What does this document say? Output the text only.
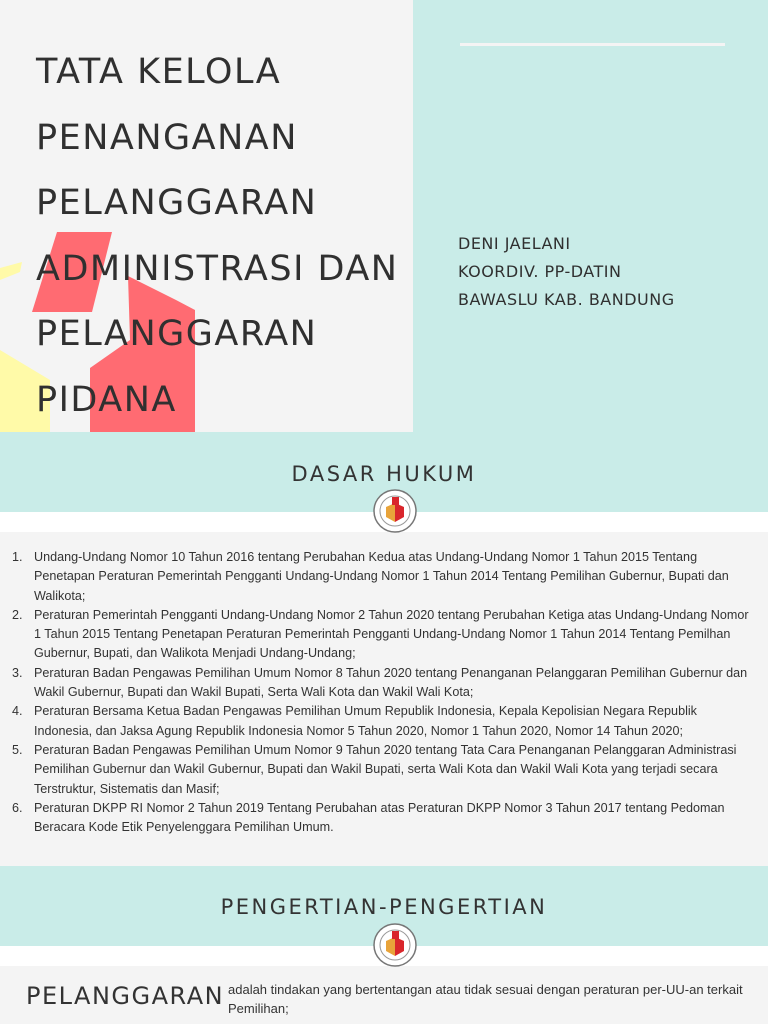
TATA KELOLA
PENANGANAN
PELANGGARAN
ADMINISTRASI DAN
PELANGGARAN
PIDANA
DENI JAELANI
KOORDIV. PP-DATIN
BAWASLU KAB. BANDUNG
DASAR HUKUM
1. Undang-Undang Nomor 10 Tahun 2016 tentang Perubahan Kedua atas Undang-Undang Nomor 1 Tahun 2015 Tentang Penetapan Peraturan Pemerintah Pengganti Undang-Undang Nomor 1 Tahun 2014 Tentang Pemilihan Gubernur, Bupati dan Walikota;
2. Peraturan Pemerintah Pengganti Undang-Undang Nomor 2 Tahun 2020 tentang Perubahan Ketiga atas Undang-Undang Nomor 1 Tahun 2015 Tentang Penetapan Peraturan Pemerintah Pengganti Undang-Undang Nomor 1 Tahun 2014 Tentang Pemilhan Gubernur, Bupati, dan Walikota Menjadi Undang-Undang;
3. Peraturan Badan Pengawas Pemilihan Umum Nomor 8 Tahun 2020 tentang Penanganan Pelanggaran Pemilihan Gubernur dan Wakil Gubernur, Bupati dan Wakil Bupati, Serta Wali Kota dan Wakil Wali Kota;
4. Peraturan Bersama Ketua Badan Pengawas Pemilihan Umum Republik Indonesia, Kepala Kepolisian Negara Republik Indonesia, dan Jaksa Agung Republik Indonesia Nomor 5 Tahun 2020, Nomor 1 Tahun 2020, Nomor 14 Tahun 2020;
5. Peraturan Badan Pengawas Pemilihan Umum Nomor 9 Tahun 2020 tentang Tata Cara Penanganan Pelanggaran Administrasi Pemilihan Gubernur dan Wakil Gubernur, Bupati dan Wakil Bupati, serta Wali Kota dan Wakil Wali Kota yang terjadi secara Terstruktur, Sistematis dan Masif;
6. Peraturan DKPP RI Nomor 2 Tahun 2019 Tentang Perubahan atas Peraturan DKPP Nomor 3 Tahun 2017 tentang Pedoman Beracara Kode Etik Penyelenggara Pemilihan Umum.
PENGERTIAN-PENGERTIAN
PELANGGARAN adalah tindakan yang bertentangan atau tidak sesuai dengan peraturan per-UU-an terkait Pemilihan;
